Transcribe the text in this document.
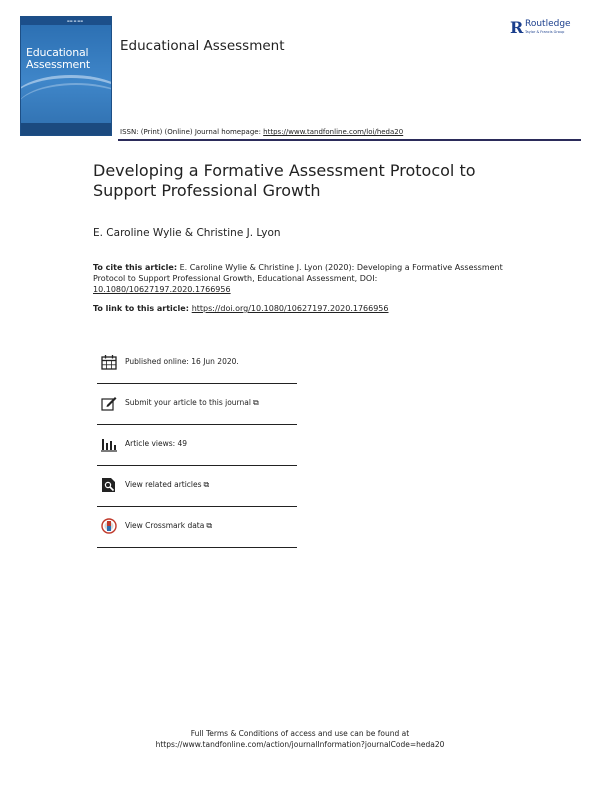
▬▬ ▬ ▬▬
Educational
Assessment
Educational Assessment
R Routledge
Taylor & Francis Group
ISSN: (Print) (Online) Journal homepage: https://www.tandfonline.com/loi/heda20
Developing a Formative Assessment Protocol to Support Professional Growth
E. Caroline Wylie & Christine J. Lyon
To cite this article: E. Caroline Wylie & Christine J. Lyon (2020): Developing a Formative Assessment Protocol to Support Professional Growth, Educational Assessment, DOI: 10.1080/10627197.2020.1766956
To link to this article: https://doi.org/10.1080/10627197.2020.1766956
Published online: 16 Jun 2020.
Submit your article to this journal ⧉
Article views: 49
View related articles ⧉
View Crossmark data ⧉
Full Terms & Conditions of access and use can be found at
https://www.tandfonline.com/action/journalInformation?journalCode=heda20
